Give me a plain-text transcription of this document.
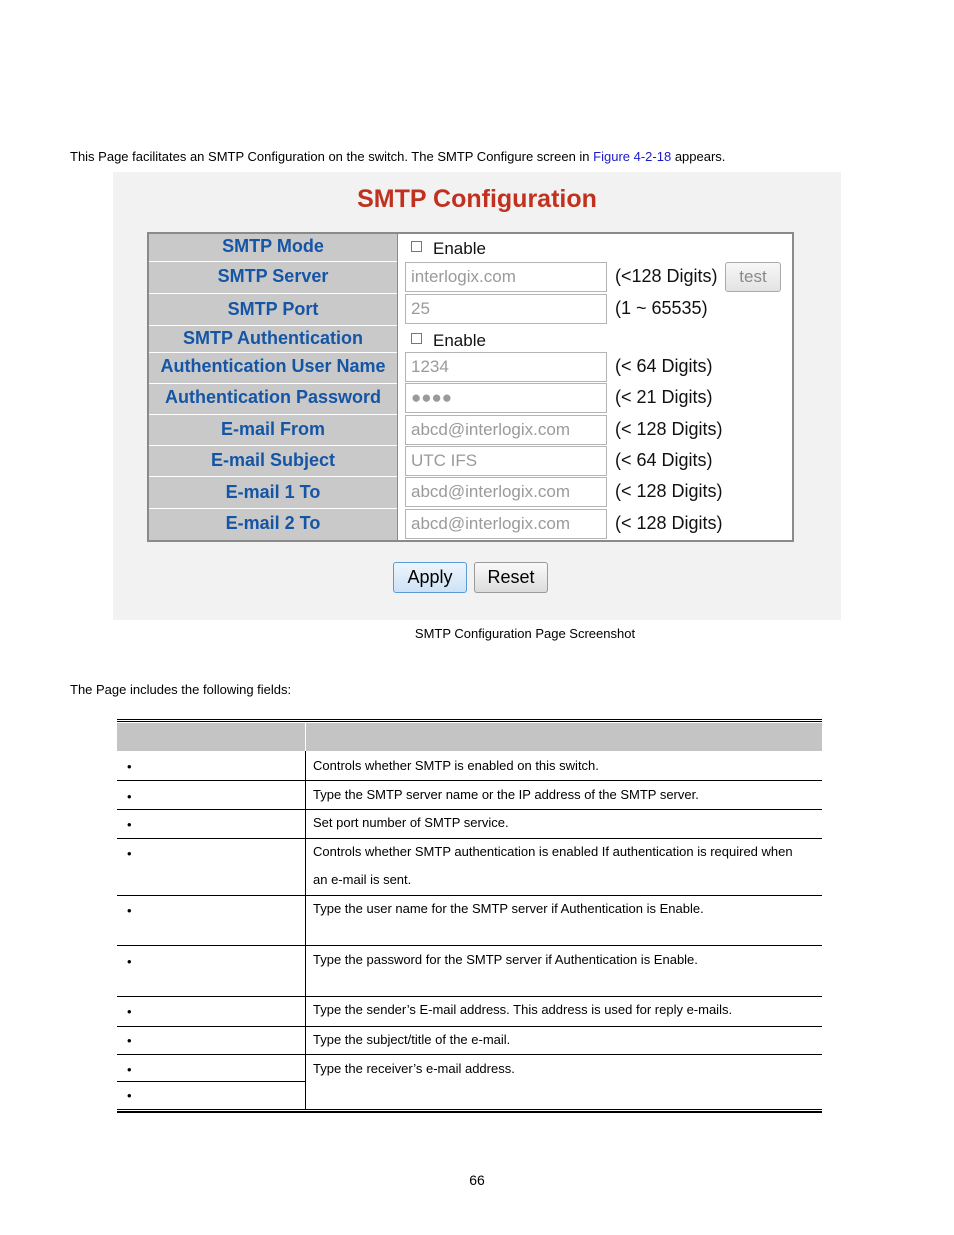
This Page facilitates an SMTP Configuration on the switch. The SMTP Configure screen in Figure 4-2-18 appears.
SMTP Configuration
SMTP Mode	Enable
SMTP Server	interlogix.com	(<128 Digits)	test
SMTP Port	25	(1 ~ 65535)
SMTP Authentication	Enable
Authentication User Name	1234	(< 64 Digits)
Authentication Password	●●●●	(< 21 Digits)
E-mail From	abcd@interlogix.com	(< 128 Digits)
E-mail Subject	UTC IFS	(< 64 Digits)
E-mail 1 To	abcd@interlogix.com	(< 128 Digits)
E-mail 2 To	abcd@interlogix.com	(< 128 Digits)
Apply	Reset
SMTP Configuration Page Screenshot
The Page includes the following fields:
•	Controls whether SMTP is enabled on this switch.
•	Type the SMTP server name or the IP address of the SMTP server.
•	Set port number of SMTP service.
•	Controls whether SMTP authentication is enabled If authentication is required when an e-mail is sent.
•	Type the user name for the SMTP server if Authentication is Enable.
•	Type the password for the SMTP server if Authentication is Enable.
•	Type the sender’s E-mail address. This address is used for reply e-mails.
•	Type the subject/title of the e-mail.
•	Type the receiver’s e-mail address.
•
66
